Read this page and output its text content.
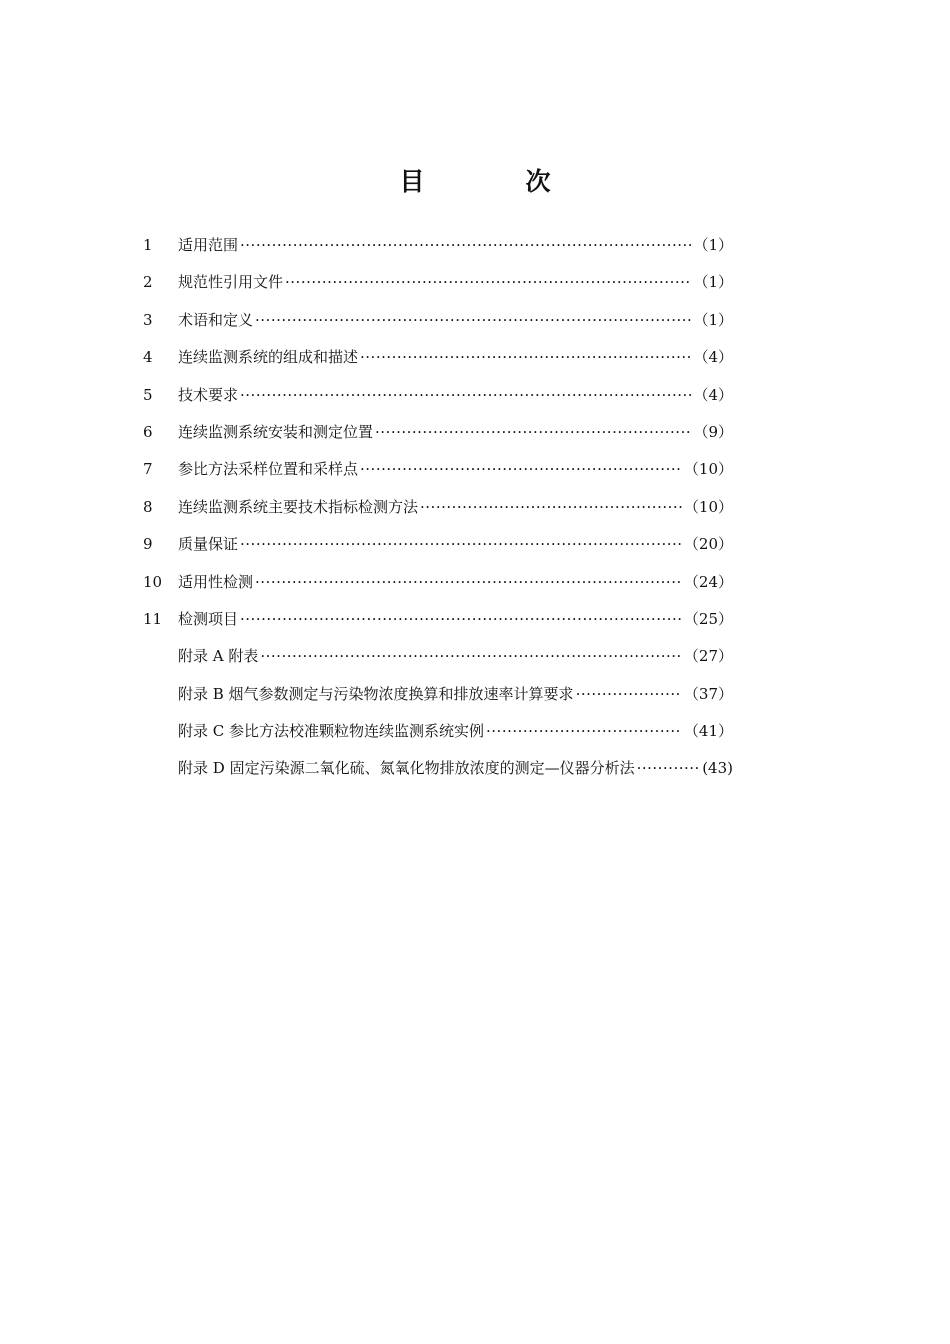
目　次
1	适用范围 ·····	（1）
2	规范性引用文件 ·····	（1）
3	术语和定义 ·····	（1）
4	连续监测系统的组成和描述 ·····	（4）
5	技术要求 ·····	（4）
6	连续监测系统安装和测定位置 ·····	（9）
7	参比方法采样位置和采样点 ·····	（10）
8	连续监测系统主要技术指标检测方法 ·····	（10）
9	质量保证 ·····	（20）
10	适用性检测 ·····	（24）
11	检测项目 ·····	（25）
附录 A 附表 ·····	（27）
附录 B 烟气参数测定与污染物浓度换算和排放速率计算要求 ·····	（37）
附录 C 参比方法校准颗粒物连续监测系统实例 ·····	（41）
附录 D 固定污染源二氧化硫、氮氧化物排放浓度的测定—仪器分析法 ·····	(43)
